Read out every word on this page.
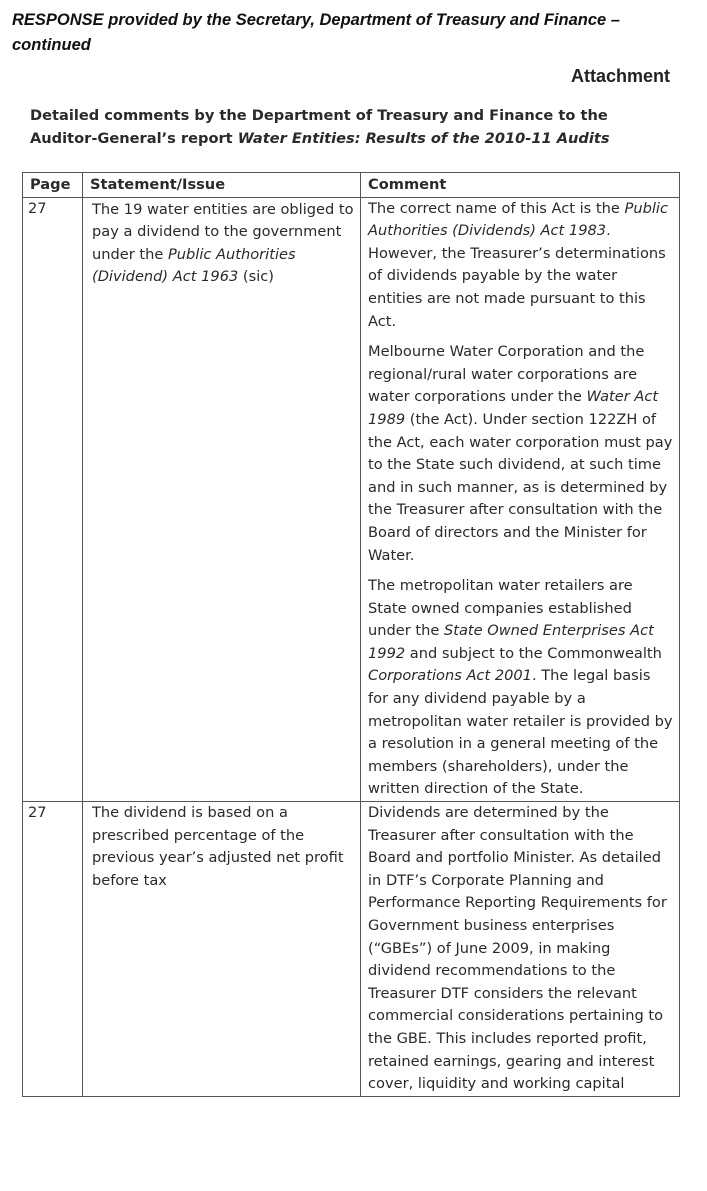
RESPONSE provided by the Secretary, Department of Treasury and Finance – continued
Attachment
Detailed comments by the Department of Treasury and Finance to the Auditor-General’s report Water Entities: Results of the 2010-11 Audits
Page	Statement/Issue	Comment
27	The 19 water entities are obliged to pay a dividend to the government under the Public Authorities (Dividend) Act 1963 (sic)	The correct name of this Act is the Public Authorities (Dividends) Act 1983. However, the Treasurer’s determinations of dividends payable by the water entities are not made pursuant to this Act.

Melbourne Water Corporation and the regional/rural water corporations are water corporations under the Water Act 1989 (the Act). Under section 122ZH of the Act, each water corporation must pay to the State such dividend, at such time and in such manner, as is determined by the Treasurer after consultation with the Board of directors and the Minister for Water.

The metropolitan water retailers are State owned companies established under the State Owned Enterprises Act 1992 and subject to the Commonwealth Corporations Act 2001. The legal basis for any dividend payable by a metropolitan water retailer is provided by a resolution in a general meeting of the members (shareholders), under the written direction of the State.

27	The dividend is based on a prescribed percentage of the previous year’s adjusted net profit before tax	Dividends are determined by the Treasurer after consultation with the Board and portfolio Minister. As detailed in DTF’s Corporate Planning and Performance Reporting Requirements for Government business enterprises (“GBEs”) of June 2009, in making dividend recommendations to the Treasurer DTF considers the relevant commercial considerations pertaining to the GBE. This includes reported profit, retained earnings, gearing and interest cover, liquidity and working capital
